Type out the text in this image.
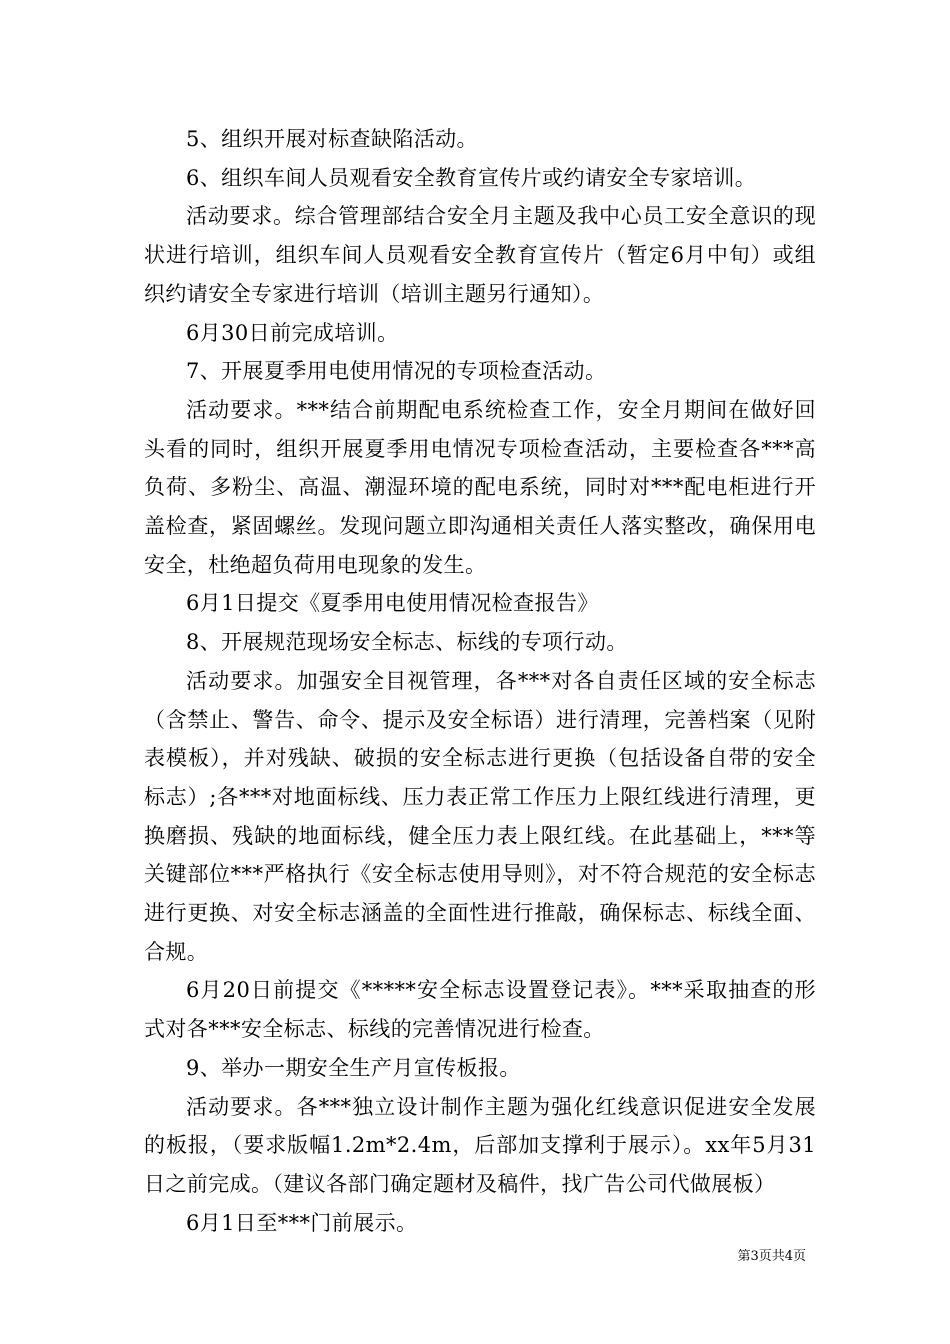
5、组织开展对标查缺陷活动。

6、组织车间人员观看安全教育宣传片或约请安全专家培训。

活动要求。综合管理部结合安全月主题及我中心员工安全意识的现状进行培训，组织车间人员观看安全教育宣传片（暂定6月中旬）或组织约请安全专家进行培训（培训主题另行通知）。

6月30日前完成培训。

7、开展夏季用电使用情况的专项检查活动。

活动要求。***结合前期配电系统检查工作，安全月期间在做好回头看的同时，组织开展夏季用电情况专项检查活动，主要检查各***高负荷、多粉尘、高温、潮湿环境的配电系统，同时对***配电柜进行开盖检查，紧固螺丝。发现问题立即沟通相关责任人落实整改，确保用电安全，杜绝超负荷用电现象的发生。

6月1日提交《夏季用电使用情况检查报告》

8、开展规范现场安全标志、标线的专项行动。

活动要求。加强安全目视管理，各***对各自责任区域的安全标志（含禁止、警告、命令、提示及安全标语）进行清理，完善档案（见附表模板），并对残缺、破损的安全标志进行更换（包括设备自带的安全标志）;各***对地面标线、压力表正常工作压力上限红线进行清理，更换磨损、残缺的地面标线，健全压力表上限红线。在此基础上，***等关键部位***严格执行《安全标志使用导则》，对不符合规范的安全标志进行更换、对安全标志涵盖的全面性进行推敲，确保标志、标线全面、合规。

6月20日前提交《*****安全标志设置登记表》。***采取抽查的形式对各***安全标志、标线的完善情况进行检查。

9、举办一期安全生产月宣传板报。

活动要求。各***独立设计制作主题为强化红线意识促进安全发展的板报，（要求版幅1.2m*2.4m，后部加支撑利于展示）。xx年5月31日之前完成。（建议各部门确定题材及稿件，找广告公司代做展板）

6月1日至***门前展示。

第3页共4页
